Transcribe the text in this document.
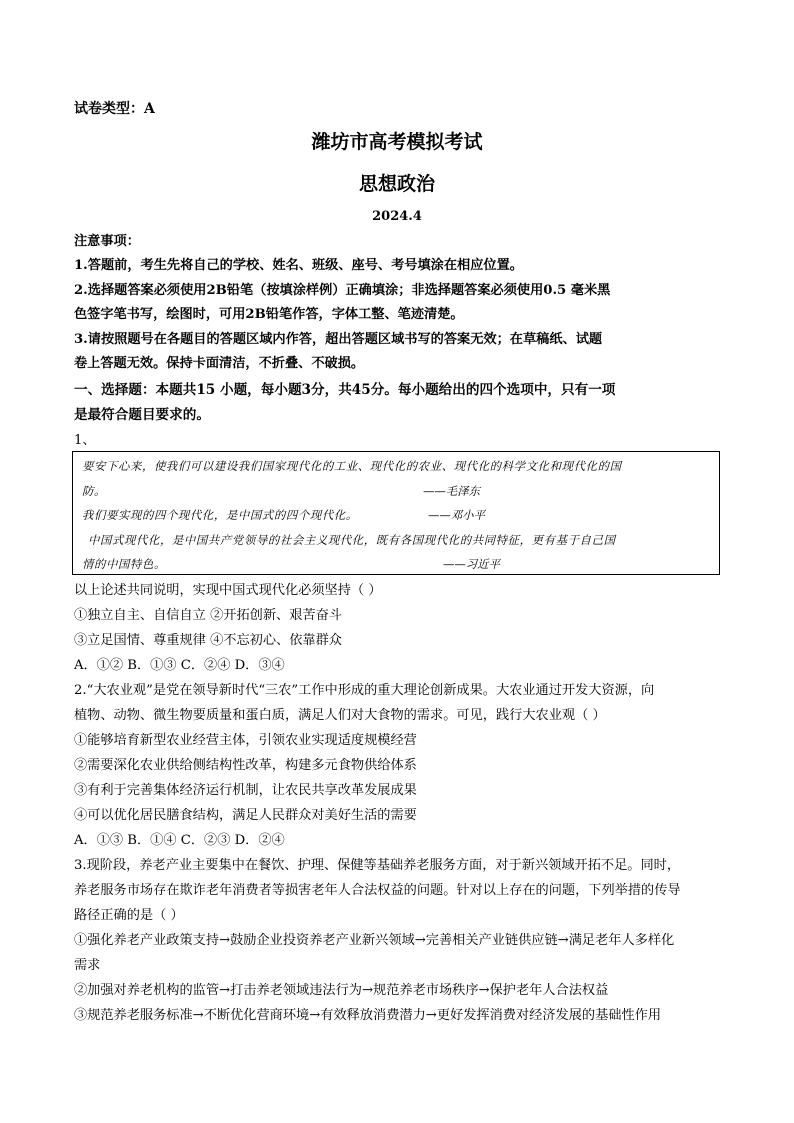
试卷类型：A
潍坊市高考模拟考试
思想政治
2024.4
注意事项：
1.答题前，考生先将自己的学校、姓名、班级、座号、考号填涂在相应位置。
2.选择题答案必须使用2B铅笔（按填涂样例）正确填涂；非选择题答案必须使用0.5 毫米黑
色签字笔书写，绘图时，可用2B铅笔作答，字体工整、笔迹清楚。
3.请按照题号在各题目的答题区域内作答，超出答题区域书写的答案无效；在草稿纸、试题
卷上答题无效。保持卡面清洁，不折叠、不破损。
一、选择题：本题共15 小题，每小题3分，共45分。每小题给出的四个选项中，只有一项
是最符合题目要求的。
1、
要安下心来，使我们可以建设我们国家现代化的工业、现代化的农业、现代化的科学文化和现代化的国
防。	——毛泽东
我们要实现的四个现代化，是中国式的四个现代化。	——邓小平
中国式现代化，是中国共产党领导的社会主义现代化，既有各国现代化的共同特征，更有基于自己国
情的中国特色。	——习近平
以上论述共同说明，实现中国式现代化必须坚持（ ）
①独立自主、自信自立 ②开拓创新、艰苦奋斗
③立足国情、尊重规律 ④不忘初心、依靠群众
A．①② B．①③ C．②④ D．③④
2.“大农业观”是党在领导新时代“三农”工作中形成的重大理论创新成果。大农业通过开发大资源，向
植物、动物、微生物要质量和蛋白质，满足人们对大食物的需求。可见，践行大农业观（ ）
①能够培育新型农业经营主体，引领农业实现适度规模经营
②需要深化农业供给侧结构性改革，构建多元食物供给体系
③有利于完善集体经济运行机制，让农民共享改革发展成果
④可以优化居民膳食结构，满足人民群众对美好生活的需要
A．①③ B．①④ C．②③ D．②④
3.现阶段，养老产业主要集中在餐饮、护理、保健等基础养老服务方面，对于新兴领域开拓不足。同时，
养老服务市场存在欺诈老年消费者等损害老年人合法权益的问题。针对以上存在的问题，下列举措的传导
路径正确的是（ ）
①强化养老产业政策支持→鼓励企业投资养老产业新兴领域→完善相关产业链供应链→满足老年人多样化
需求
②加强对养老机构的监管→打击养老领域违法行为→规范养老市场秩序→保护老年人合法权益
③规范养老服务标准→不断优化营商环境→有效释放消费潜力→更好发挥消费对经济发展的基础性作用
